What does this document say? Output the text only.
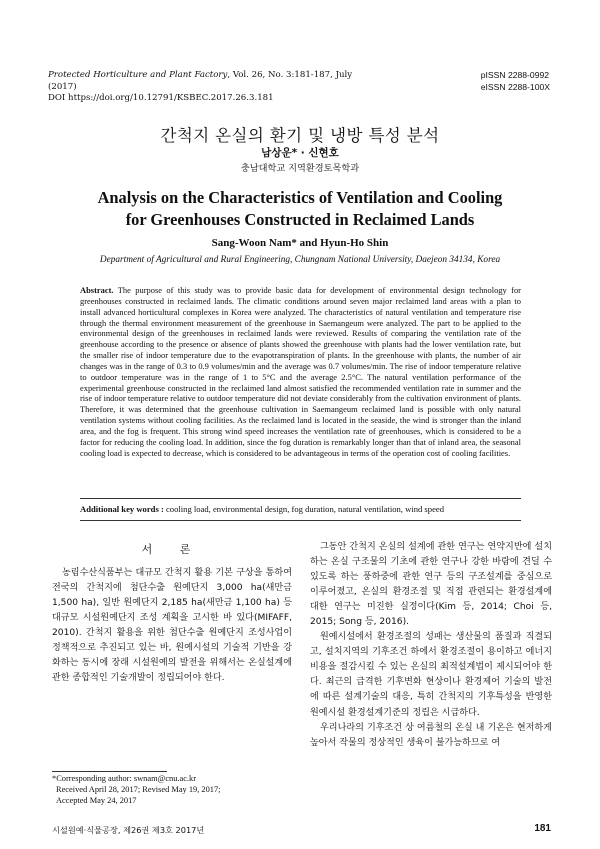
Protected Horticulture and Plant Factory, Vol. 26, No. 3:181-187, July (2017)
DOI https://doi.org/10.12791/KSBEC.2017.26.3.181
pISSN 2288-0992
eISSN 2288-100X
간척지 온실의 환기 및 냉방 특성 분석
남상운* · 신현호
충남대학교 지역환경토목학과
Analysis on the Characteristics of Ventilation and Cooling
for Greenhouses Constructed in Reclaimed Lands
Sang-Woon Nam* and Hyun-Ho Shin
Department of Agricultural and Rural Engineering, Chungnam National University, Daejeon 34134, Korea
Abstract. The purpose of this study was to provide basic data for development of environmental design technology for greenhouses constructed in reclaimed lands. The climatic conditions around seven major reclaimed land areas with a plan to install advanced horticultural complexes in Korea were analyzed. The characteristics of natural ventilation and temperature rise through the thermal environment measurement of the greenhouse in Saemangeum were analyzed. The part to be applied to the environmental design of the greenhouses in reclaimed lands were reviewed. Results of comparing the ventilation rate of the greenhouse according to the presence or absence of plants showed the greenhouse with plants had the lower ventilation rate, but the smaller rise of indoor temperature due to the evapotranspiration of plants. In the greenhouse with plants, the number of air changes was in the range of 0.3 to 0.9 volumes/min and the average was 0.7 volumes/min. The rise of indoor temperature relative to outdoor temperature was in the range of 1 to 5°C and the average 2.5°C. The natural ventilation performance of the experimental greenhouse constructed in the reclaimed land almost satisfied the recommended ventilation rate in summer and the rise of indoor temperature relative to outdoor temperature did not deviate considerably from the cultivation environment of plants. Therefore, it was determined that the greenhouse cultivation in Saemangeum reclaimed land is possible with only natural ventilation systems without cooling facilities. As the reclaimed land is located in the seaside, the wind is stronger than the inland area, and the fog is frequent. This strong wind speed increases the ventilation rate of greenhouses, which is considered to be a factor for reducing the cooling load. In addition, since the fog duration is remarkably longer than that of inland area, the seasonal cooling load is expected to decrease, which is considered to be advantageous in terms of the operation cost of cooling facilities.
Additional key words : cooling load, environmental design, fog duration, natural ventilation, wind speed
서 론

농림수산식품부는 대규모 간척지 활용 기본 구상을 통하여 전국의 간척지에 첨단수출 원예단지 3,000 ha(새만금 1,500 ha), 일반 원예단지 2,185 ha(새만금 1,100 ha) 등 대규모 시설원예단지 조성 계획을 고시한 바 있다(MIFAFF, 2010). 간척지 활용을 위한 첨단수출 원예단지 조성사업이 정책적으로 추진되고 있는 바, 원예시설의 기술적 기반을 강화하는 동시에 장래 시설원예의 발전을 위해서는 온실설계에 관한 종합적인 기술개발이 정립되어야 한다.

그동안 간척지 온실의 설계에 관한 연구는 연약지반에 설치하는 온실 구조물의 기초에 관한 연구나 강한 바람에 견딜 수 있도록 하는 풍하중에 관한 연구 등의 구조설계를 중심으로 이루어졌고, 온실의 환경조절 및 직접 관련되는 환경설계에 대한 연구는 미진한 실정이다(Kim 등, 2014; Choi 등, 2015; Song 등, 2016).

원예시설에서 환경조절의 성패는 생산물의 품질과 직결되고, 설치지역의 기후조건 하에서 환경조절이 용이하고 에너지 비용을 절감시킬 수 있는 온실의 최적설계법이 제시되어야 한다. 최근의 급격한 기후변화 현상이나 환경제어 기술의 발전에 따른 설계기술의 대응, 특히 간척지의 기후특성을 반영한 원예시설 환경설계기준의 정립은 시급하다.

우리나라의 기후조건 상 여름철의 온실 내 기온은 현저하게 높아서 작물의 정상적인 생육이 불가능하므로 여

*Corresponding author: swnam@cnu.ac.kr
Received April 28, 2017; Revised May 19, 2017;
Accepted May 24, 2017
시설원예·식물공장, 제26권 제3호 2017년	181
